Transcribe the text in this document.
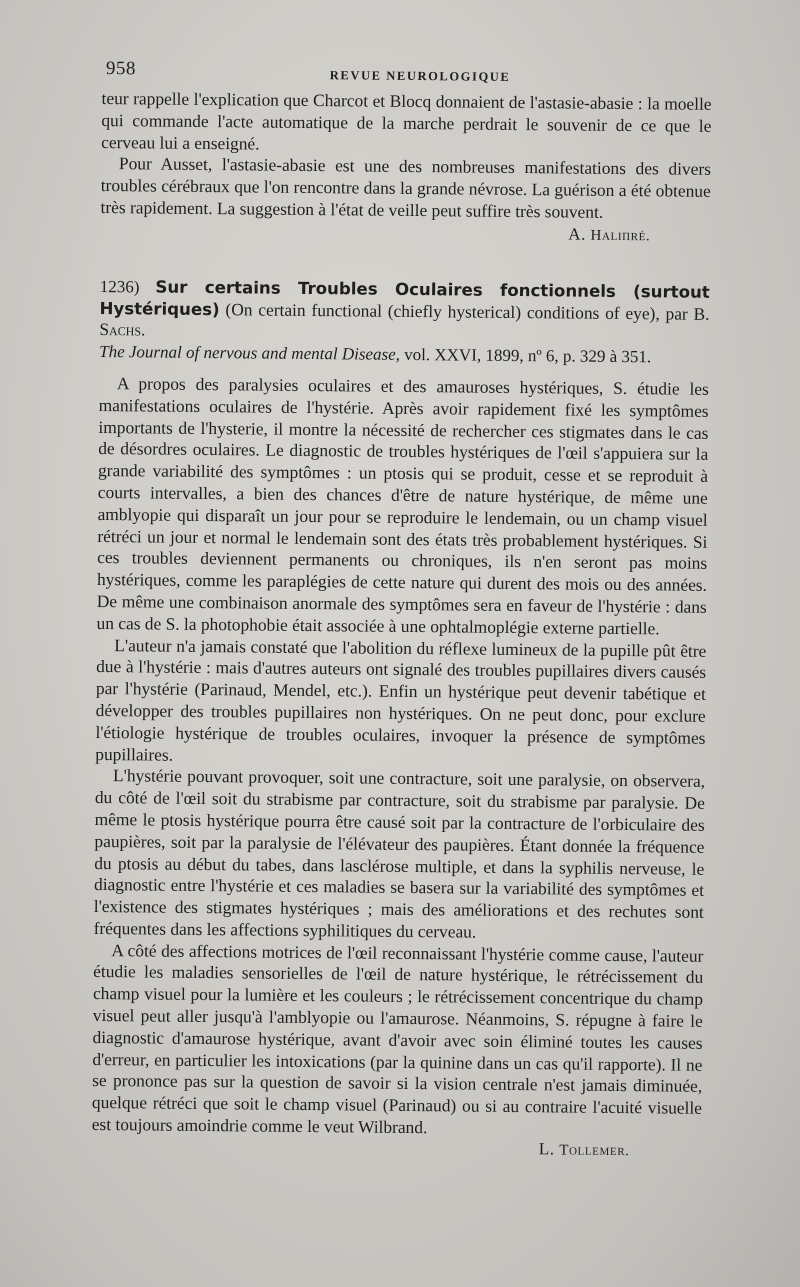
958	REVUE NEUROLOGIQUE

teur rappelle l'explication que Charcot et Blocq donnaient de l'astasie-abasie : la moelle qui commande l'acte automatique de la marche perdrait le souvenir de ce que le cerveau lui a enseigné.

Pour Ausset, l'astasie-abasie est une des nombreuses manifestations des divers troubles cérébraux que l'on rencontre dans la grande névrose. La guérison a été obtenue très rapidement. La suggestion à l'état de veille peut suffire très souvent.

A. Haliпré.
1236) Sur certains Troubles Oculaires fonctionnels (surtout Hystériques) (On certain functional (chiefly hysterical) conditions of eye), par B. Sachs.
The Journal of nervous and mental Disease, vol. XXVI, 1899, nº 6, p. 329 à 351.

A propos des paralysies oculaires et des amauroses hystériques, S. étudie les manifestations oculaires de l'hystérie. Après avoir rapidement fixé les symptômes importants de l'hysterie, il montre la nécessité de rechercher ces stigmates dans le cas de désordres oculaires. Le diagnostic de troubles hystériques de l'œil s'appuiera sur la grande variabilité des symptômes : un ptosis qui se produit, cesse et se reproduit à courts intervalles, a bien des chances d'être de nature hystérique, de même une amblyopie qui disparaît un jour pour se reproduire le lendemain, ou un champ visuel rétréci un jour et normal le lendemain sont des états très probablement hystériques. Si ces troubles deviennent permanents ou chroniques, ils n'en seront pas moins hystériques, comme les paraplégies de cette nature qui durent des mois ou des années. De même une combinaison anormale des symptômes sera en faveur de l'hystérie : dans un cas de S. la photophobie était associée à une ophtalmoplégie externe partielle.

L'auteur n'a jamais constaté que l'abolition du réflexe lumineux de la pupille pût être due à l'hystérie : mais d'autres auteurs ont signalé des troubles pupillaires divers causés par l'hystérie (Parinaud, Mendel, etc.). Enfin un hystérique peut devenir tabétique et développer des troubles pupillaires non hystériques. On ne peut donc, pour exclure l'étiologie hystérique de troubles oculaires, invoquer la présence de symptômes pupillaires.

L'hystérie pouvant provoquer, soit une contracture, soit une paralysie, on observera, du côté de l'œil soit du strabisme par contracture, soit du strabisme par paralysie. De même le ptosis hystérique pourra être causé soit par la contracture de l'orbiculaire des paupières, soit par la paralysie de l'élévateur des paupières. Étant donnée la fréquence du ptosis au début du tabes, dans lasclérose multiple, et dans la syphilis nerveuse, le diagnostic entre l'hystérie et ces maladies se basera sur la variabilité des symptômes et l'existence des stigmates hystériques ; mais des améliorations et des rechutes sont fréquentes dans les affections syphilitiques du cerveau.

A côté des affections motrices de l'œil reconnaissant l'hystérie comme cause, l'auteur étudie les maladies sensorielles de l'œil de nature hystérique, le rétrécissement du champ visuel pour la lumière et les couleurs ; le rétrécissement concentrique du champ visuel peut aller jusqu'à l'amblyopie ou l'amaurose. Néanmoins, S. répugne à faire le diagnostic d'amaurose hystérique, avant d'avoir avec soin éliminé toutes les causes d'erreur, en particulier les intoxications (par la quinine dans un cas qu'il rapporte). Il ne se prononce pas sur la question de savoir si la vision centrale n'est jamais diminuée, quelque rétréci que soit le champ visuel (Parinaud) ou si au contraire l'acuité visuelle est toujours amoindrie comme le veut Wilbrand.

L. Tollemer.
